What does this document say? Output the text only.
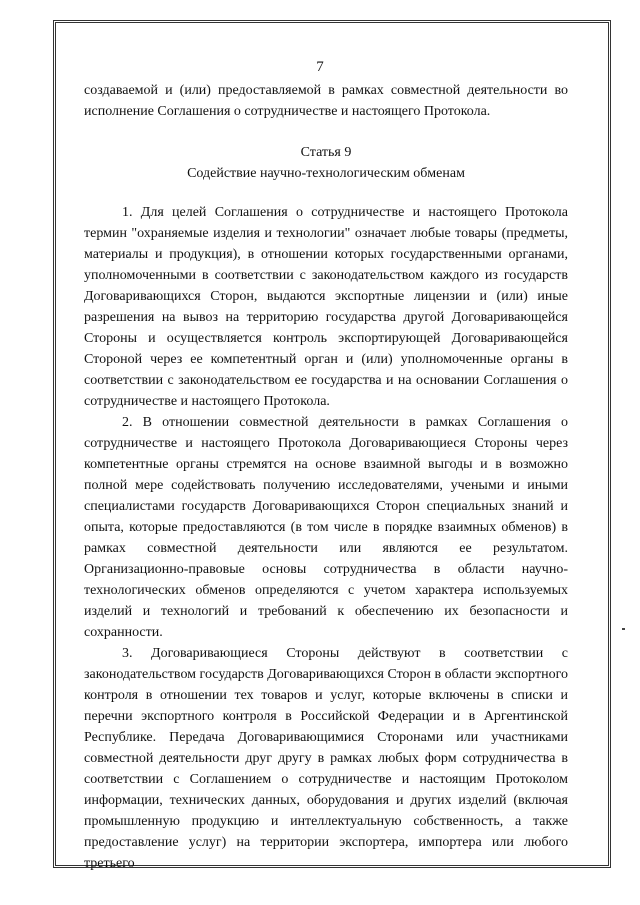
7

создаваемой и (или) предоставляемой в рамках совместной деятельности во исполнение Соглашения о сотрудничестве и настоящего Протокола.

Статья 9
Содействие научно-технологическим обменам

1. Для целей Соглашения о сотрудничестве и настоящего Протокола термин "охраняемые изделия и технологии" означает любые товары (предметы, материалы и продукция), в отношении которых государственными органами, уполномоченными в соответствии с законодательством каждого из государств Договаривающихся Сторон, выдаются экспортные лицензии и (или) иные разрешения на вывоз на территорию государства другой Договаривающейся Стороны и осуществляется контроль экспортирующей Договаривающейся Стороной через ее компетентный орган и (или) уполномоченные органы в соответствии с законодательством ее государства и на основании Соглашения о сотрудничестве и настоящего Протокола.

2. В отношении совместной деятельности в рамках Соглашения о сотрудничестве и настоящего Протокола Договаривающиеся Стороны через компетентные органы стремятся на основе взаимной выгоды и в возможно полной мере содействовать получению исследователями, учеными и иными специалистами государств Договаривающихся Сторон специальных знаний и опыта, которые предоставляются (в том числе в порядке взаимных обменов) в рамках совместной деятельности или являются ее результатом. Организационно-правовые основы сотрудничества в области научно-технологических обменов определяются с учетом характера используемых изделий и технологий и требований к обеспечению их безопасности и сохранности.

3. Договаривающиеся Стороны действуют в соответствии с законодательством государств Договаривающихся Сторон в области экспортного контроля в отношении тех товаров и услуг, которые включены в списки и перечни экспортного контроля в Российской Федерации и в Аргентинской Республике. Передача Договаривающимися Сторонами или участниками совместной деятельности друг другу в рамках любых форм сотрудничества в соответствии с Соглашением о сотрудничестве и настоящим Протоколом информации, технических данных, оборудования и других изделий (включая промышленную продукцию и интеллектуальную собственность, а также предоставление услуг) на территории экспортера, импортера или любого третьего
